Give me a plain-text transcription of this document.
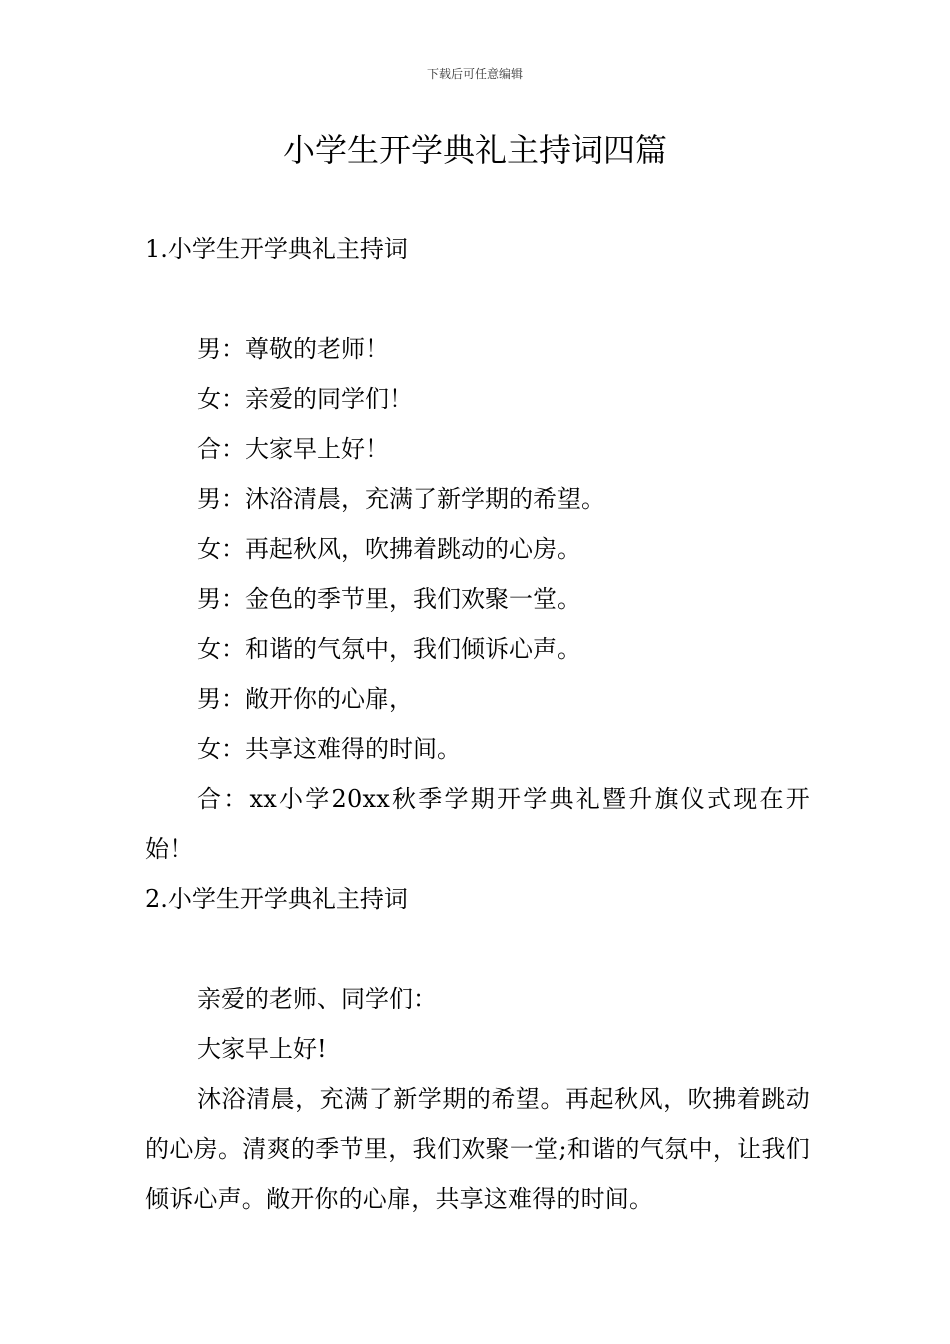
下载后可任意编辑
小学生开学典礼主持词四篇
1.小学生开学典礼主持词
男：尊敬的老师！
女：亲爱的同学们！
合：大家早上好！
男：沐浴清晨，充满了新学期的希望。
女：再起秋风，吹拂着跳动的心房。
男：金色的季节里，我们欢聚一堂。
女：和谐的气氛中，我们倾诉心声。
男：敞开你的心扉，
女：共享这难得的时间。
合：xx小学20xx秋季学期开学典礼暨升旗仪式现在开始！
2.小学生开学典礼主持词
亲爱的老师、同学们：
大家早上好!
沐浴清晨，充满了新学期的希望。再起秋风，吹拂着跳动的心房。清爽的季节里，我们欢聚一堂;和谐的气氛中，让我们倾诉心声。敞开你的心扉，共享这难得的时间。
